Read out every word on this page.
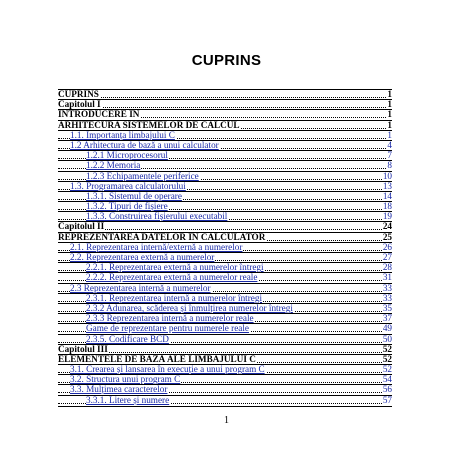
CUPRINS
CUPRINS	1
Capitolul I	1
INTRODUCERE ÎN	1
ARHITECURA SISTEMELOR DE CALCUL	1
1.1. Importanța limbajului C	1
1.2 Arhitectura de bază a unui calculator	4
1.2.1 Microprocesorul	7
1.2.2 Memoria	8
1.2.3 Echipamentele periferice	10
1.3. Programarea calculatorului	13
1.3.1. Sistemul de operare	14
1.3.2. Tipuri de fișiere	18
1.3.3. Construirea fișierului executabil	19
Capitolul II	24
REPREZENTAREA DATELOR ÎN CALCULATOR	25
2.1. Reprezentarea internă/externă a numerelor	26
2.2. Reprezentarea externă a numerelor	27
2.2.1. Reprezentarea externă a numerelor întregi	28
2.2.2. Reprezentarea externă a numerelor reale	31
2.3 Reprezentarea internă a numerelor	33
2.3.1. Reprezentarea internă a numerelor întregi	33
2.3.2 Adunarea, scăderea și înmulțirea numerelor întregi	35
2.3.3 Reprezentarea internă a numerelor reale	37
Game de reprezentare pentru numerele reale	49
2.3.5. Codificare BCD	50
Capitolul III	52
ELEMENTELE DE BAZĂ ALE LIMBAJULUI C	52
3.1. Crearea și lansarea în execuție a unui program C	52
3.2. Structura unui program C	54
3.3. Mulțimea caracterelor	56
3.3.1. Litere și numere	57
1
